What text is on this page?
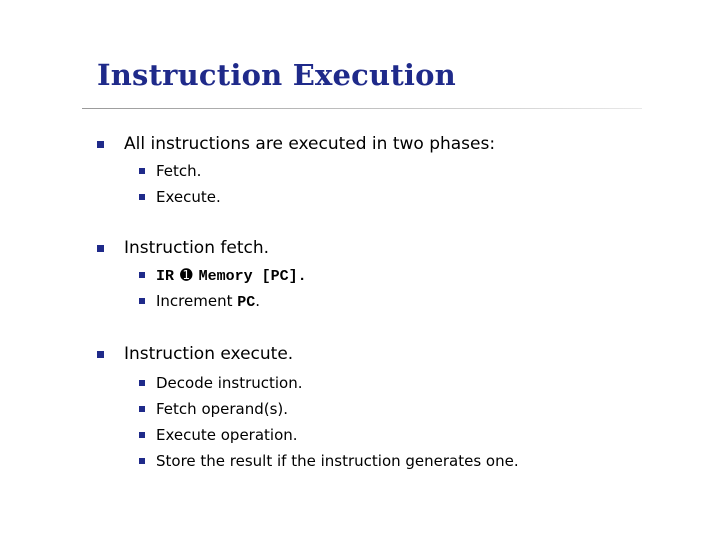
Instruction Execution
All instructions are executed in two phases:
Fetch.
Execute.
Instruction fetch.
IR ➊ Memory [PC].
Increment PC.
Instruction execute.
Decode instruction.
Fetch operand(s).
Execute operation.
Store the result if the instruction generates one.
